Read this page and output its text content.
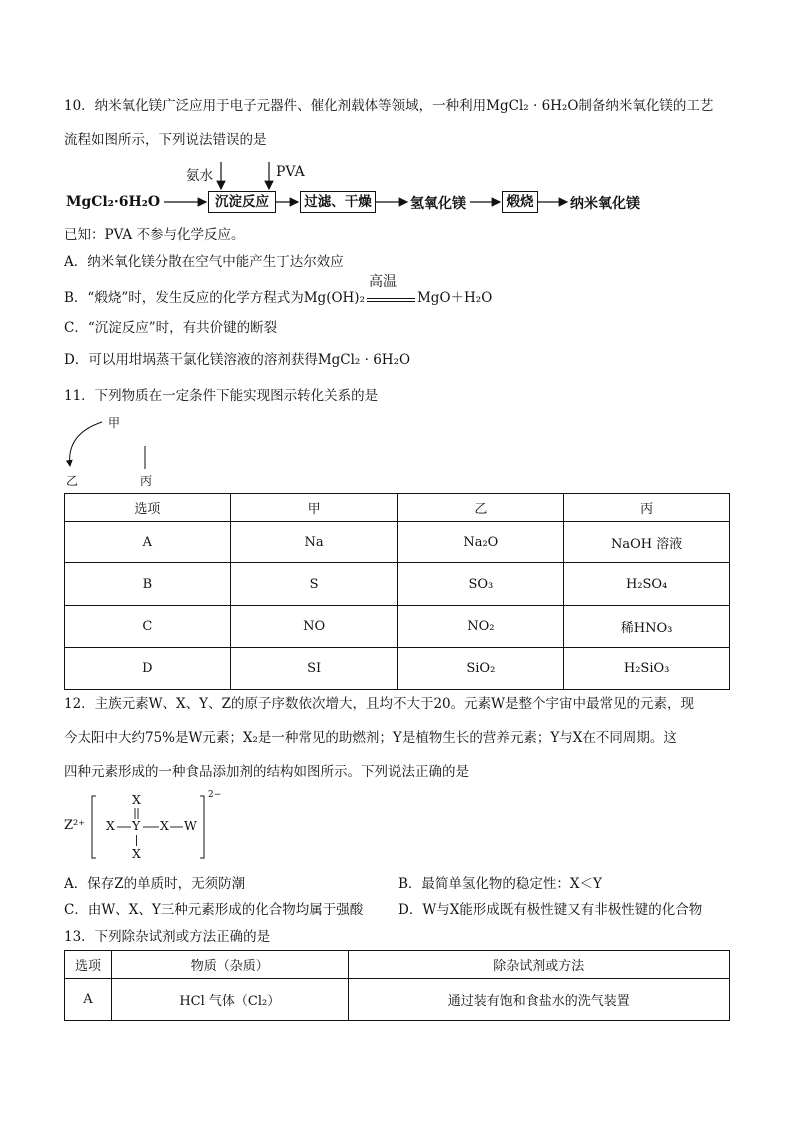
10．纳米氧化镁广泛应用于电子元器件、催化剂载体等领域，一种利用MgCl₂ · 6H₂O制备纳米氧化镁的工艺
流程如图所示，下列说法错误的是
MgCl₂·6H₂O
氨水	PVA
沉淀反应	过滤、干燥	氢氧化镁	煅烧	纳米氧化镁
已知：PVA 不参与化学反应。
A．纳米氧化镁分散在空气中能产生丁达尔效应
B．“煅烧”时，发生反应的化学方程式为Mg(OH)₂
高温
MgO＋H₂O
C．“沉淀反应”时，有共价键的断裂
D．可以用坩埚蒸干氯化镁溶液的溶剂获得MgCl₂ · 6H₂O
11．下列物质在一定条件下能实现图示转化关系的是
甲
乙	丙
选项	甲	乙	丙
A	Na	Na₂O	NaOH 溶液
B	S	SO₃	H₂SO₄
C	NO	NO₂	稀HNO₃
D	SI	SiO₂	H₂SiO₃
12．主族元素W、X、Y、Z的原子序数依次增大，且均不大于20。元素W是整个宇宙中最常见的元素，现
今太阳中大约75%是W元素；X₂是一种常见的助燃剂；Y是植物生长的营养元素；Y与X在不同周期。这
四种元素形成的一种食品添加剂的结构如图所示。下列说法正确的是
Z²⁺
X
X Y X W
X
2−
A．保存Z的单质时，无须防潮	B．最简单氢化物的稳定性：X＜Y
C．由W、X、Y三种元素形成的化合物均属于强酸	D．W与X能形成既有极性键又有非极性键的化合物
13．下列除杂试剂或方法正确的是
选项	物质（杂质）	除杂试剂或方法
A	HCl 气体（Cl₂）	通过装有饱和食盐水的洗气装置
